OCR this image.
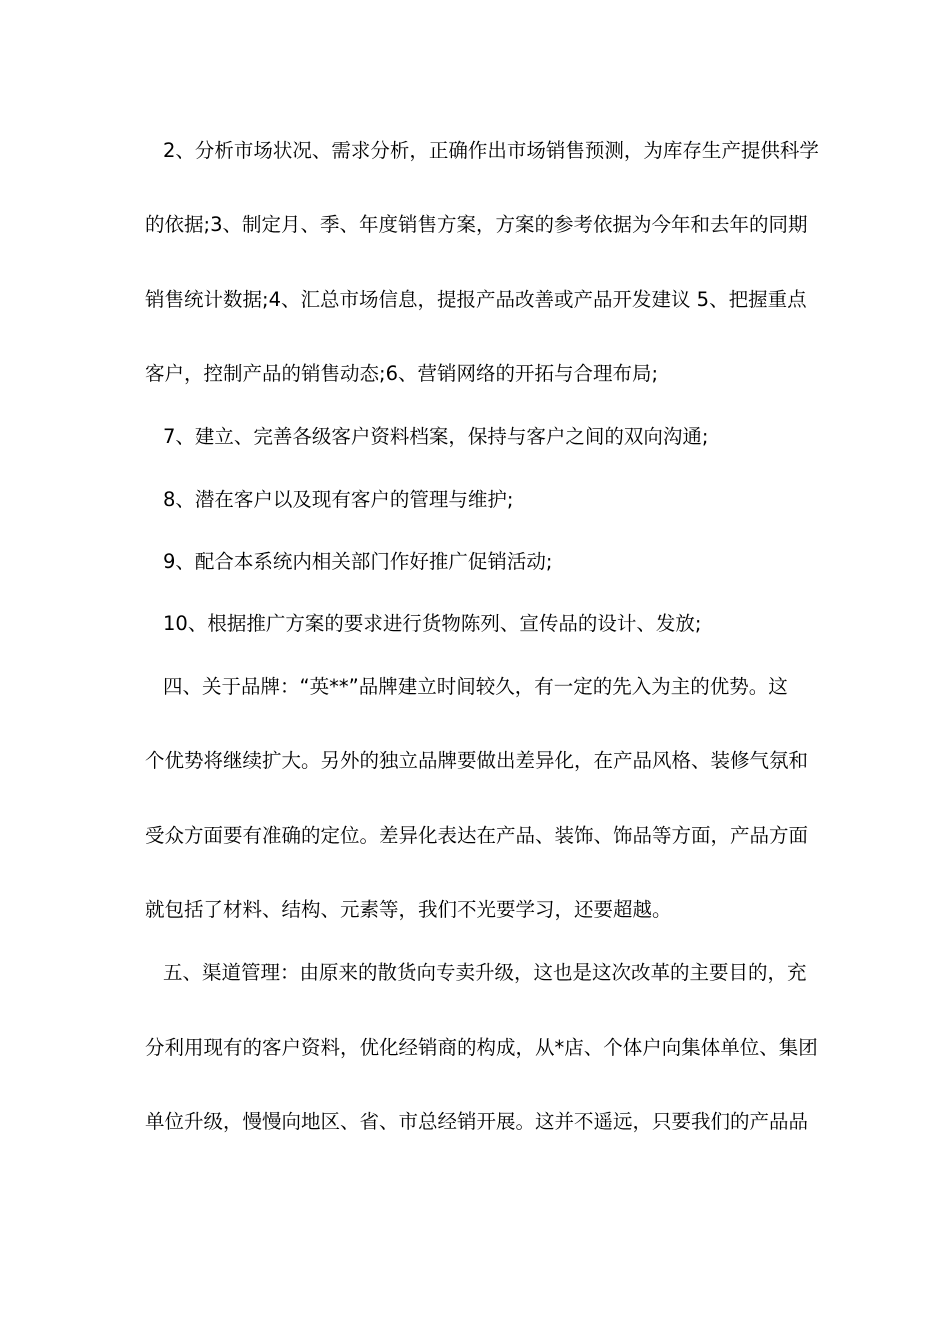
2、分析市场状况、需求分析，正确作出市场销售预测，为库存生产提供科学
的依据;3、制定月、季、年度销售方案，方案的参考依据为今年和去年的同期
销售统计数据;4、汇总市场信息，提报产品改善或产品开发建议 5、把握重点
客户，控制产品的销售动态;6、营销网络的开拓与合理布局;
7、建立、完善各级客户资料档案，保持与客户之间的双向沟通;
8、潜在客户以及现有客户的管理与维护;
9、配合本系统内相关部门作好推广促销活动;
10、根据推广方案的要求进行货物陈列、宣传品的设计、发放;
四、关于品牌：“英**”品牌建立时间较久，有一定的先入为主的优势。这
个优势将继续扩大。另外的独立品牌要做出差异化，在产品风格、装修气氛和
受众方面要有准确的定位。差异化表达在产品、装饰、饰品等方面，产品方面
就包括了材料、结构、元素等，我们不光要学习，还要超越。
五、渠道管理：由原来的散货向专卖升级，这也是这次改革的主要目的，充
分利用现有的客户资料，优化经销商的构成，从*店、个体户向集体单位、集团
单位升级，慢慢向地区、省、市总经销开展。这并不遥远，只要我们的产品品
